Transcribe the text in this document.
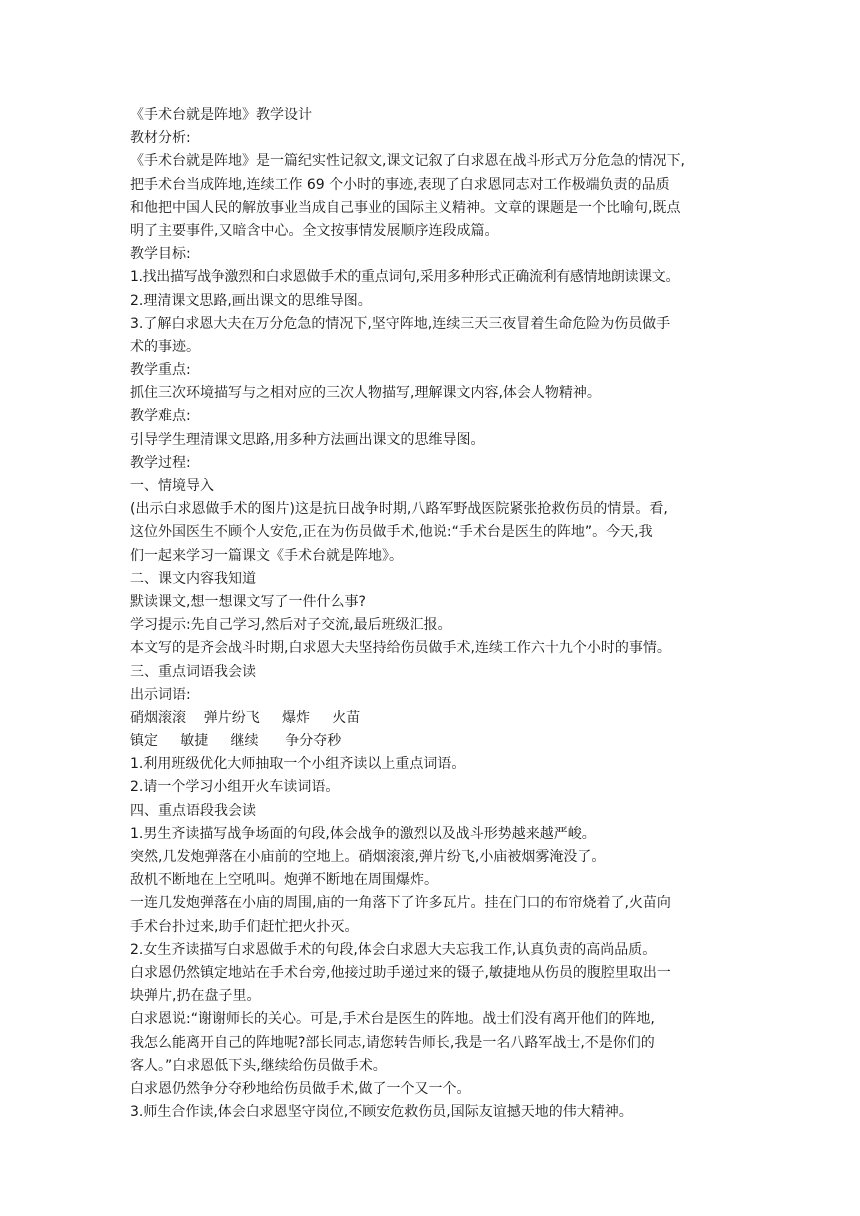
《手术台就是阵地》教学设计
教材分析:
《手术台就是阵地》是一篇纪实性记叙文,课文记叙了白求恩在战斗形式万分危急的情况下,
把手术台当成阵地,连续工作 69 个小时的事迹,表现了白求恩同志对工作极端负责的品质
和他把中国人民的解放事业当成自己事业的国际主义精神。文章的课题是一个比喻句,既点
明了主要事件,又暗含中心。全文按事情发展顺序连段成篇。
教学目标:
1.找出描写战争激烈和白求恩做手术的重点词句,采用多种形式正确流利有感情地朗读课文。
2.理清课文思路,画出课文的思维导图。
3.了解白求恩大夫在万分危急的情况下,坚守阵地,连续三天三夜冒着生命危险为伤员做手
术的事迹。
教学重点:
抓住三次环境描写与之相对应的三次人物描写,理解课文内容,体会人物精神。
教学难点:
引导学生理清课文思路,用多种方法画出课文的思维导图。
教学过程:
一、情境导入
(出示白求恩做手术的图片)这是抗日战争时期,八路军野战医院紧张抢救伤员的情景。看,
这位外国医生不顾个人安危,正在为伤员做手术,他说:“手术台是医生的阵地”。今天,我
们一起来学习一篇课文《手术台就是阵地》。
二、课文内容我知道
默读课文,想一想课文写了一件什么事?
学习提示:先自己学习,然后对子交流,最后班级汇报。
本文写的是齐会战斗时期,白求恩大夫坚持给伤员做手术,连续工作六十九个小时的事情。
三、重点词语我会读
出示词语:
硝烟滚滚    弹片纷飞     爆炸     火苗
镇定     敏捷     继续      争分夺秒
1.利用班级优化大师抽取一个小组齐读以上重点词语。
2.请一个学习小组开火车读词语。
四、重点语段我会读
1.男生齐读描写战争场面的句段,体会战争的激烈以及战斗形势越来越严峻。
突然,几发炮弹落在小庙前的空地上。硝烟滚滚,弹片纷飞,小庙被烟雾淹没了。
敌机不断地在上空吼叫。炮弹不断地在周围爆炸。
一连几发炮弹落在小庙的周围,庙的一角落下了许多瓦片。挂在门口的布帘烧着了,火苗向
手术台扑过来,助手们赶忙把火扑灭。
2.女生齐读描写白求恩做手术的句段,体会白求恩大夫忘我工作,认真负责的高尚品质。
白求恩仍然镇定地站在手术台旁,他接过助手递过来的镊子,敏捷地从伤员的腹腔里取出一
块弹片,扔在盘子里。
白求恩说:“谢谢师长的关心。可是,手术台是医生的阵地。战士们没有离开他们的阵地,
我怎么能离开自己的阵地呢?部长同志,请您转告师长,我是一名八路军战士,不是你们的
客人。”白求恩低下头,继续给伤员做手术。
白求恩仍然争分夺秒地给伤员做手术,做了一个又一个。
3.师生合作读,体会白求恩坚守岗位,不顾安危救伤员,国际友谊撼天地的伟大精神。
